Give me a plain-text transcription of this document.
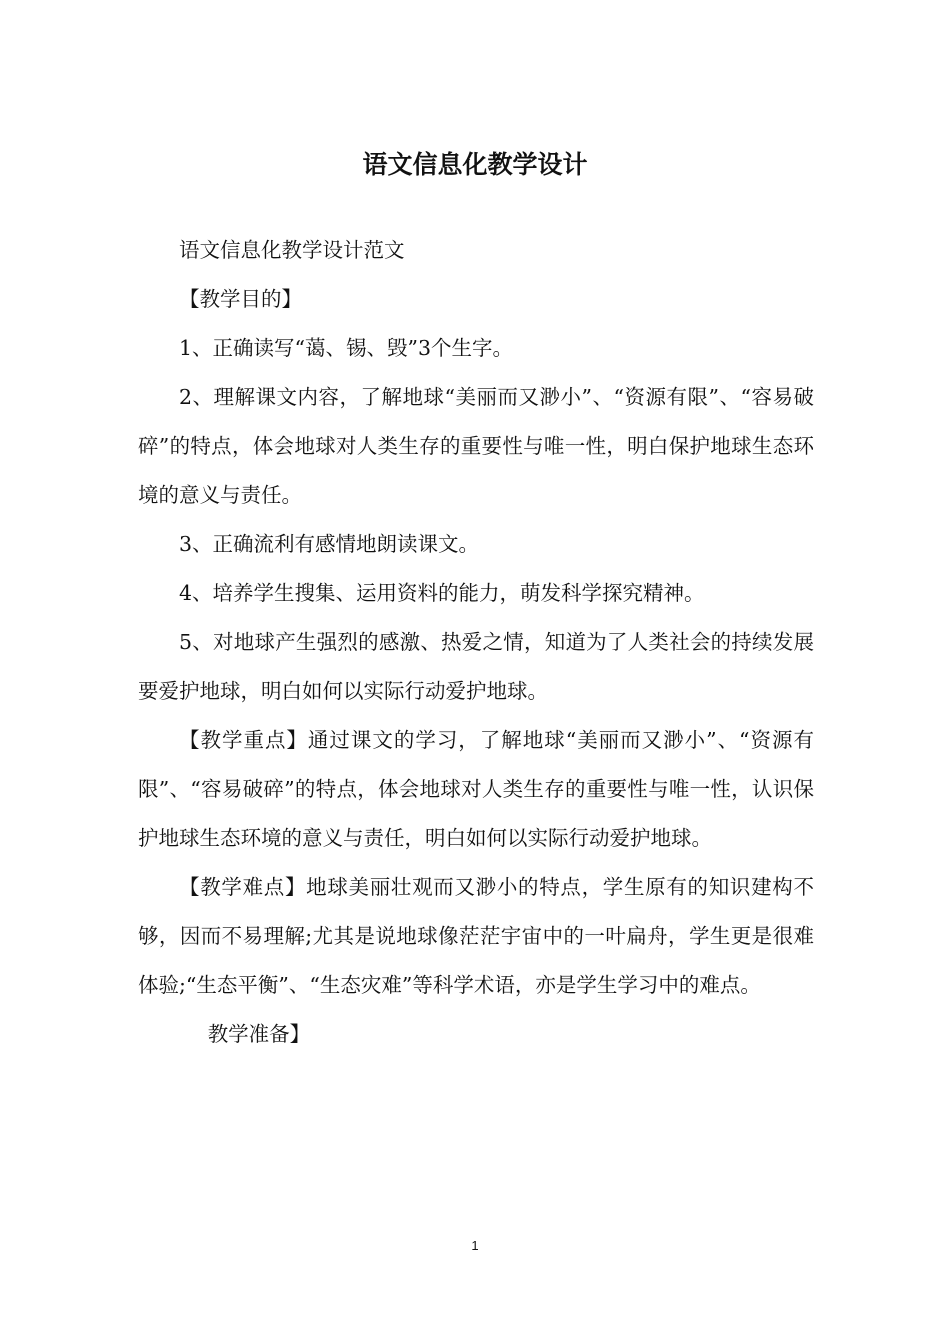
语文信息化教学设计

语文信息化教学设计范文

【教学目的】

1、正确读写“蔼、锡、毁”3个生字。

2、理解课文内容，了解地球“美丽而又渺小”、“资源有限”、“容易破碎”的特点，体会地球对人类生存的重要性与唯一性，明白保护地球生态环境的意义与责任。

3、正确流利有感情地朗读课文。

4、培养学生搜集、运用资料的能力，萌发科学探究精神。

5、对地球产生强烈的感激、热爱之情，知道为了人类社会的持续发展要爱护地球，明白如何以实际行动爱护地球。

【教学重点】通过课文的学习，了解地球“美丽而又渺小”、“资源有限”、“容易破碎”的特点，体会地球对人类生存的重要性与唯一性，认识保护地球生态环境的意义与责任，明白如何以实际行动爱护地球。

【教学难点】地球美丽壮观而又渺小的特点，学生原有的知识建构不够，因而不易理解;尤其是说地球像茫茫宇宙中的一叶扁舟，学生更是很难体验;“生态平衡”、“生态灾难”等科学术语，亦是学生学习中的难点。

教学准备】

1
